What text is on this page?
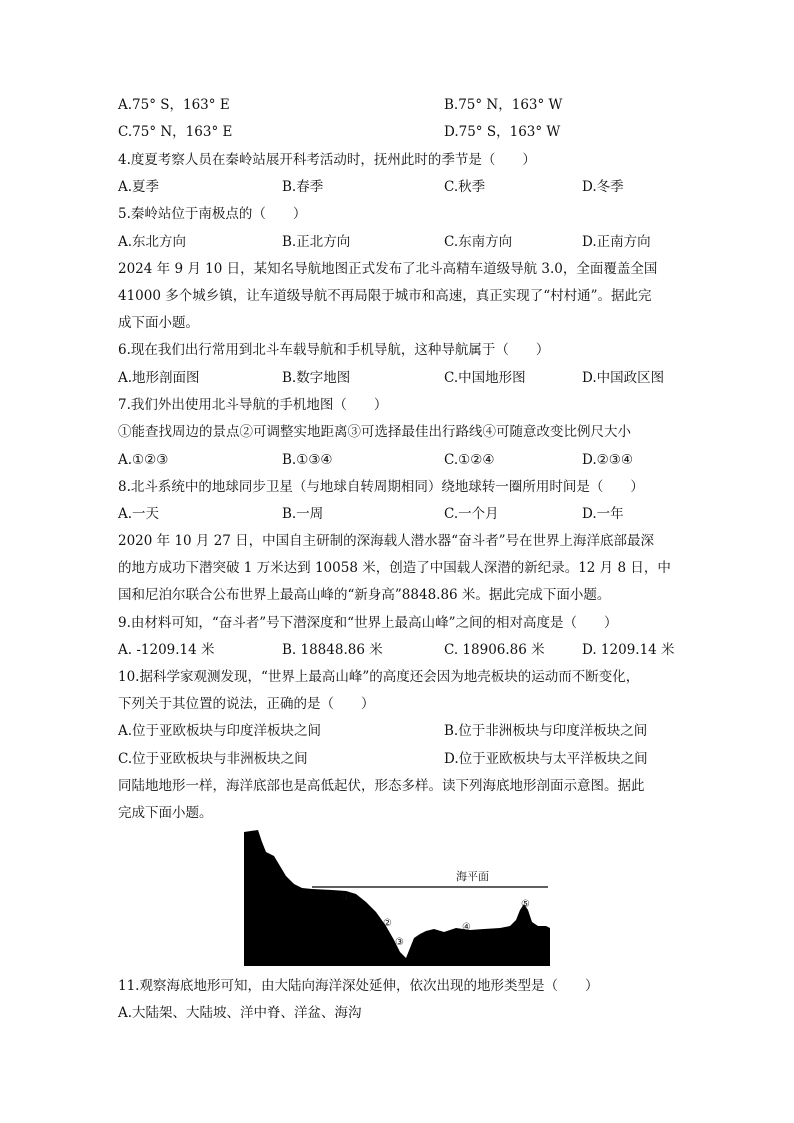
A.75° S，163° E	B.75° N，163° W
C.75° N，163° E	D.75° S，163° W
4.度夏考察人员在秦岭站展开科考活动时，抚州此时的季节是（　　）
A.夏季	B.春季	C.秋季	D.冬季
5.秦岭站位于南极点的（　　）
A.东北方向	B.正北方向	C.东南方向	D.正南方向
2024 年 9 月 10 日，某知名导航地图正式发布了北斗高精车道级导航 3.0，全面覆盖全国
41000 多个城乡镇，让车道级导航不再局限于城市和高速，真正实现了“村村通”。据此完
成下面小题。
6.现在我们出行常用到北斗车载导航和手机导航，这种导航属于（　　）
A.地形剖面图	B.数字地图	C.中国地形图	D.中国政区图
7.我们外出使用北斗导航的手机地图（　　）
①能查找周边的景点②可调整实地距离③可选择最佳出行路线④可随意改变比例尺大小
A.①②③	B.①③④	C.①②④	D.②③④
8.北斗系统中的地球同步卫星（与地球自转周期相同）绕地球转一圈所用时间是（　　）
A.一天	B.一周	C.一个月	D.一年
2020 年 10 月 27 日，中国自主研制的深海载人潜水器“奋斗者”号在世界上海洋底部最深
的地方成功下潜突破 1 万米达到 10058 米，创造了中国载人深潜的新纪录。12 月 8 日，中
国和尼泊尔联合公布世界上最高山峰的“新身高”8848.86 米。据此完成下面小题。
9.由材料可知，“奋斗者”号下潜深度和“世界上最高山峰”之间的相对高度是（　　）
A. -1209.14 米	B. 18848.86 米	C. 18906.86 米	D. 1209.14 米
10.据科学家观测发现，“世界上最高山峰”的高度还会因为地壳板块的运动而不断变化，
下列关于其位置的说法，正确的是（　　）
A.位于亚欧板块与印度洋板块之间	B.位于非洲板块与印度洋板块之间
C.位于亚欧板块与非洲板块之间	D.位于亚欧板块与太平洋板块之间
同陆地地形一样，海洋底部也是高低起伏，形态多样。读下列海底地形剖面示意图。据此
完成下面小题。
海平面
①
②
③
④
⑤
11.观察海底地形可知，由大陆向海洋深处延伸，依次出现的地形类型是（　　）
A.大陆架、大陆坡、洋中脊、洋盆、海沟
